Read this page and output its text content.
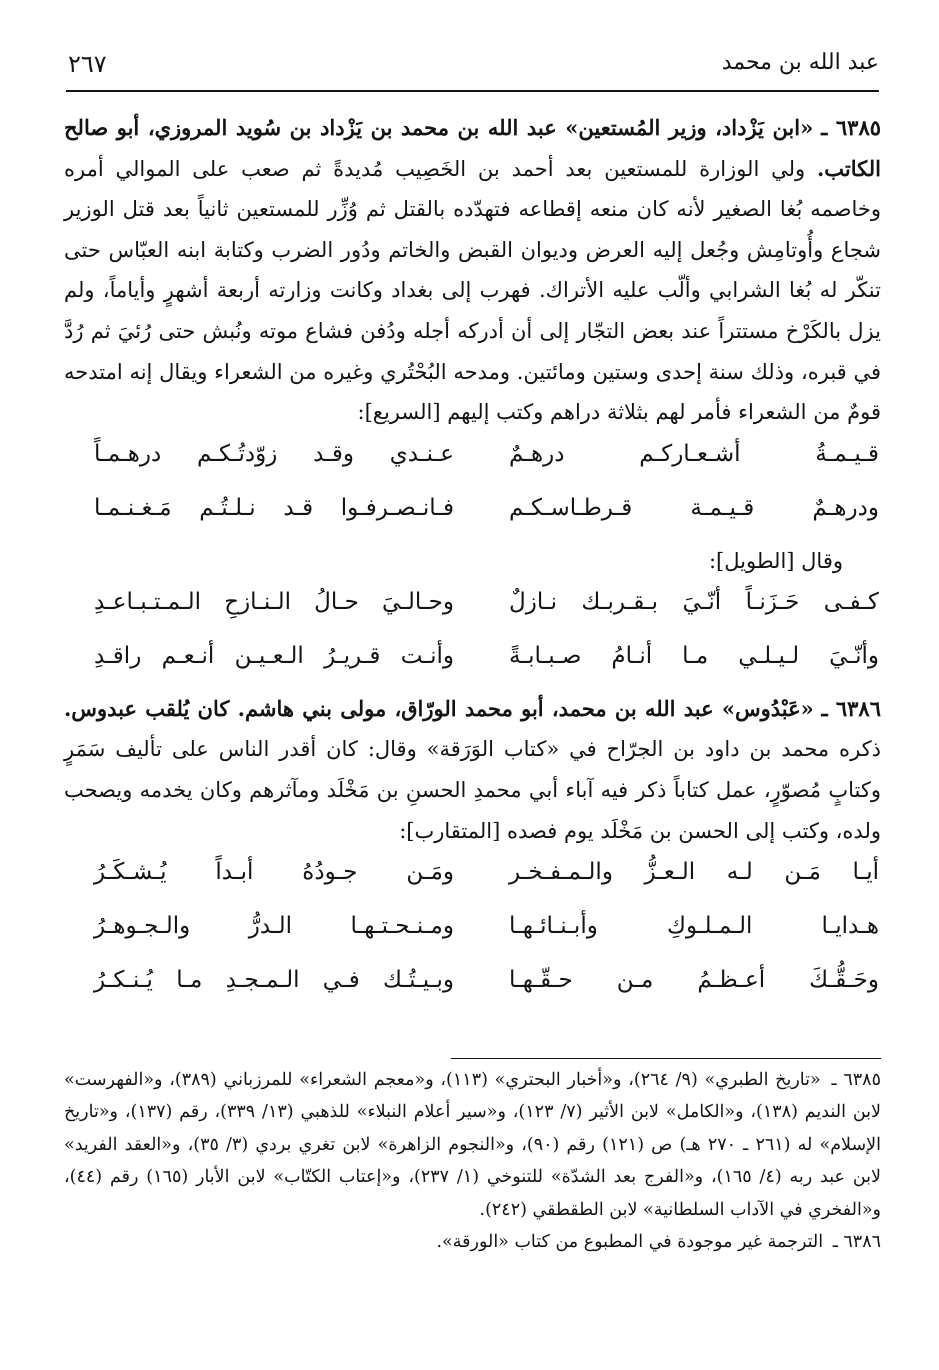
عبد الله بن محمد
٢٦٧

٦٣٨٥ ـ «ابن يَزْداد، وزير المُستعين» عبد الله بن محمد بن يَزْداد بن سُويد المروزي، أبو صالح الكاتب. ولي الوزارة للمستعين بعد أحمد بن الخَصِيب مُديدةً ثم صعب على الموالي أمره وخاصمه بُغا الصغير لأنه كان منعه إقطاعه فتهدّده بالقتل ثم وُزِّر للمستعين ثانياً بعد قتل الوزير شجاع وأُوتامِش وجُعل إليه العرض وديوان القبض والخاتم ودُور الضرب وكتابة ابنه العبّاس حتى تنكّر له بُغا الشرابي وألّب عليه الأتراك. فهرب إلى بغداد وكانت وزارته أربعة أشهرٍ وأياماً، ولم يزل بالكَرْخ مستتراً عند بعض التجّار إلى أن أدركه أجله ودُفن فشاع موته ونُبش حتى رُئيَ ثم رُدَّ في قبره، وذلك سنة إحدى وستين ومائتين. ومدحه البُحْتُري وغيره من الشعراء ويقال إنه امتدحه قومٌ من الشعراء فأمر لهم بثلاثة دراهم وكتب إليهم [السريع]:

قـيـمـةُ أشـعـاركـم درهـمٌ
عـنـدي وقـد زوّدتُـكـم درهـمـاً
ودرهـمٌ قـيـمـة قـرطـاسـكـم
فـانـصـرفـوا قـد نـلـتُـم مَـغـنـمـا

وقال [الطويل]:

كـفـى حَـزَنـاً أنّـيَ بـقـربـك نـازلٌ
وحـالـيَ حـالُ الـنـازحِ الـمـتـبـاعـدِ
وأنّـيَ لـيـلـي مـا أنـامُ صـبـابـةً
وأنـت قـريـرُ الـعـيـن أنـعـم راقـدِ

٦٣٨٦ ـ «عَبْدُوس» عبد الله بن محمد، أبو محمد الورّاق، مولى بني هاشم. كان يُلقب عبدوس. ذكره محمد بن داود بن الجرّاح في «كتاب الوَرَقة» وقال: كان أقدر الناس على تأليف سَمَرٍ وكتابٍ مُصوّرٍ، عمل كتاباً ذكر فيه آباء أبي محمدِ الحسنِ بن مَخْلَد ومآثرهم وكان يخدمه ويصحب ولده، وكتب إلى الحسن بن مَخْلَد يوم فصده [المتقارب]:

أيـا مَـن لـه الـعـزُّ والـمـفـخـر
ومَـن جـودُهُ أبـداً يُـشـكَـرُ
هـدايـا الـمـلـوكِ وأبـنـائـهـا
ومـنـحـتـهـا الـدرُّ والـجـوهـرُ
وحَـقُّـكَ أعـظـمُ مـن حـقّـهـا
وبـيـتُـك فـي الـمـجـدِ مـا يُـنـكـرُ

٦٣٨٥ ـ «تاريخ الطبري» (٩/ ٢٦٤)، و«أخبار البحتري» (١١٣)، و«معجم الشعراء» للمرزباني (٣٨٩)، و«الفهرست» لابن النديم (١٣٨)، و«الكامل» لابن الأثير (٧/ ١٢٣)، و«سير أعلام النبلاء» للذهبي (١٣/ ٣٣٩)، رقم (١٣٧)، و«تاريخ الإسلام» له (٢٦١ ـ ٢٧٠ هـ) ص (١٢١) رقم (٩٠)، و«النجوم الزاهرة» لابن تغري بردي (٣/ ٣٥)، و«العقد الفريد» لابن عبد ربه (٤/ ١٦٥)، و«الفرج بعد الشدّة» للتنوخي (١/ ٢٣٧)، و«إعتاب الكتّاب» لابن الأبار (١٦٥) رقم (٤٤)، و«الفخري في الآداب السلطانية» لابن الطقطقي (٢٤٢).

٦٣٨٦ ـ الترجمة غير موجودة في المطبوع من كتاب «الورقة».
